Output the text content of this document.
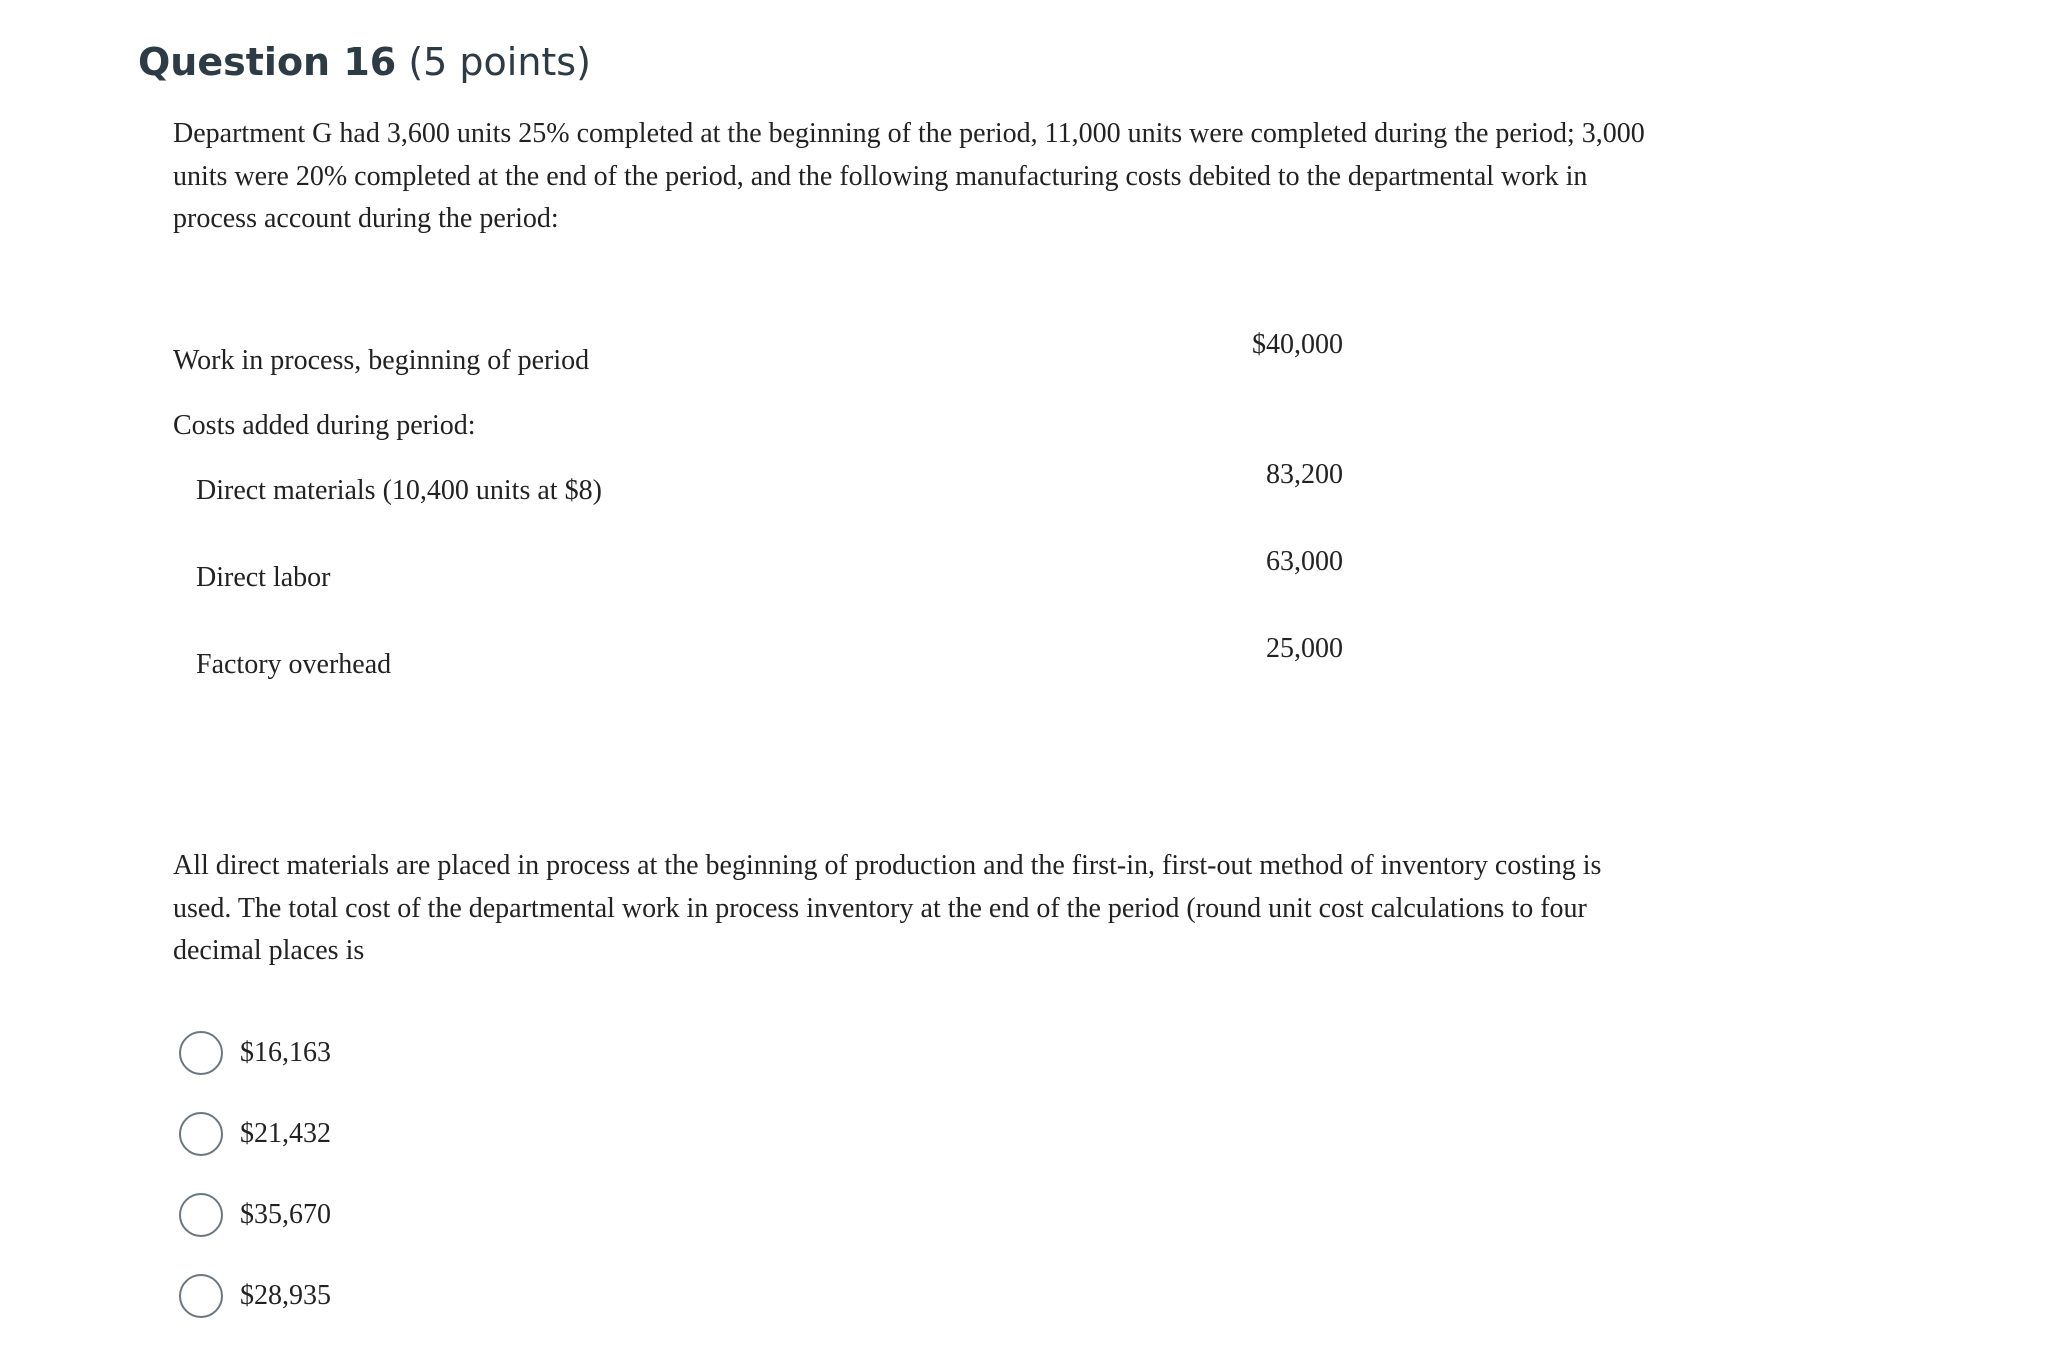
Question 16 (5 points)

Department G had 3,600 units 25% completed at the beginning of the period, 11,000 units were completed during the period; 3,000 units were 20% completed at the end of the period, and the following manufacturing costs debited to the departmental work in process account during the period:

Work in process, beginning of period
$40,000
Costs added during period:
Direct materials (10,400 units at $8)
83,200
Direct labor
63,000
Factory overhead
25,000

All direct materials are placed in process at the beginning of production and the first-in, first-out method of inventory costing is used. The total cost of the departmental work in process inventory at the end of the period (round unit cost calculations to four decimal places is

$16,163
$21,432
$35,670
$28,935
